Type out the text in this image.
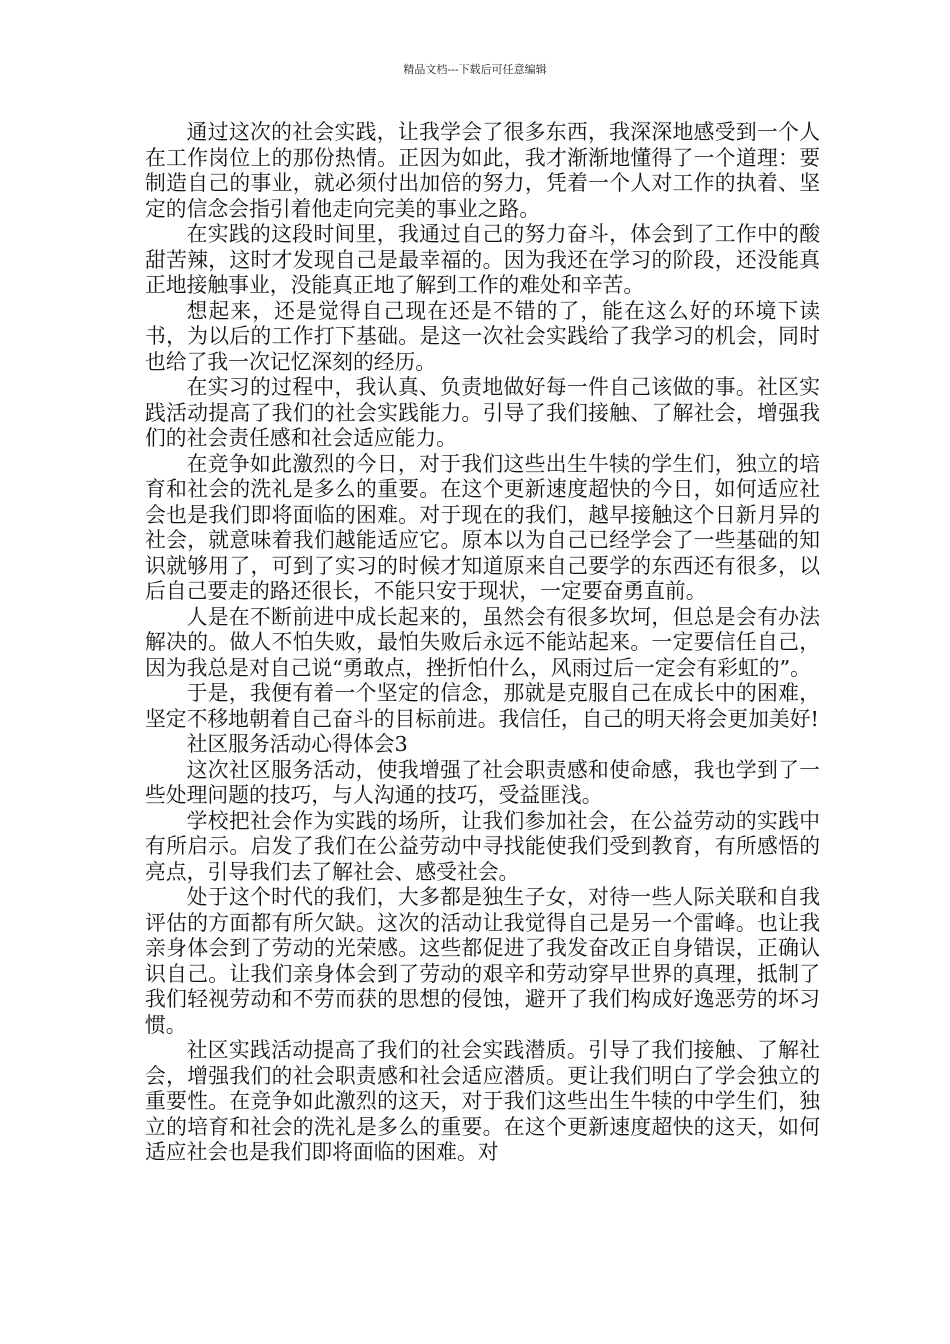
精品文档---下载后可任意编辑

通过这次的社会实践，让我学会了很多东西，我深深地感受到一个人在工作岗位上的那份热情。正因为如此，我才渐渐地懂得了一个道理：要制造自己的事业，就必须付出加倍的努力，凭着一个人对工作的执着、坚定的信念会指引着他走向完美的事业之路。

在实践的这段时间里，我通过自己的努力奋斗，体会到了工作中的酸甜苦辣，这时才发现自己是最幸福的。因为我还在学习的阶段，还没能真正地接触事业，没能真正地了解到工作的难处和辛苦。

想起来，还是觉得自己现在还是不错的了，能在这么好的环境下读书，为以后的工作打下基础。是这一次社会实践给了我学习的机会，同时也给了我一次记忆深刻的经历。

在实习的过程中，我认真、负责地做好每一件自己该做的事。社区实践活动提高了我们的社会实践能力。引导了我们接触、了解社会，增强我们的社会责任感和社会适应能力。

在竞争如此激烈的今日，对于我们这些出生牛犊的学生们，独立的培育和社会的洗礼是多么的重要。在这个更新速度超快的今日，如何适应社会也是我们即将面临的困难。对于现在的我们，越早接触这个日新月异的社会，就意味着我们越能适应它。原本以为自己已经学会了一些基础的知识就够用了，可到了实习的时候才知道原来自己要学的东西还有很多，以后自己要走的路还很长，不能只安于现状，一定要奋勇直前。

人是在不断前进中成长起来的，虽然会有很多坎坷，但总是会有办法解决的。做人不怕失败，最怕失败后永远不能站起来。一定要信任自己，因为我总是对自己说“勇敢点，挫折怕什么，风雨过后一定会有彩虹的”。

于是，我便有着一个坚定的信念，那就是克服自己在成长中的困难，坚定不移地朝着自己奋斗的目标前进。我信任，自己的明天将会更加美好!

社区服务活动心得体会3

这次社区服务活动，使我增强了社会职责感和使命感，我也学到了一些处理问题的技巧，与人沟通的技巧，受益匪浅。

学校把社会作为实践的场所，让我们参加社会，在公益劳动的实践中有所启示。启发了我们在公益劳动中寻找能使我们受到教育，有所感悟的亮点，引导我们去了解社会、感受社会。

处于这个时代的我们，大多都是独生子女，对待一些人际关联和自我评估的方面都有所欠缺。这次的活动让我觉得自己是另一个雷峰。也让我亲身体会到了劳动的光荣感。这些都促进了我发奋改正自身错误，正确认识自己。让我们亲身体会到了劳动的艰辛和劳动穿早世界的真理，抵制了我们轻视劳动和不劳而获的思想的侵蚀，避开了我们构成好逸恶劳的坏习惯。

社区实践活动提高了我们的社会实践潜质。引导了我们接触、了解社会，增强我们的社会职责感和社会适应潜质。更让我们明白了学会独立的重要性。在竞争如此激烈的这天，对于我们这些出生牛犊的中学生们，独立的培育和社会的洗礼是多么的重要。在这个更新速度超快的这天，如何适应社会也是我们即将面临的困难。对
